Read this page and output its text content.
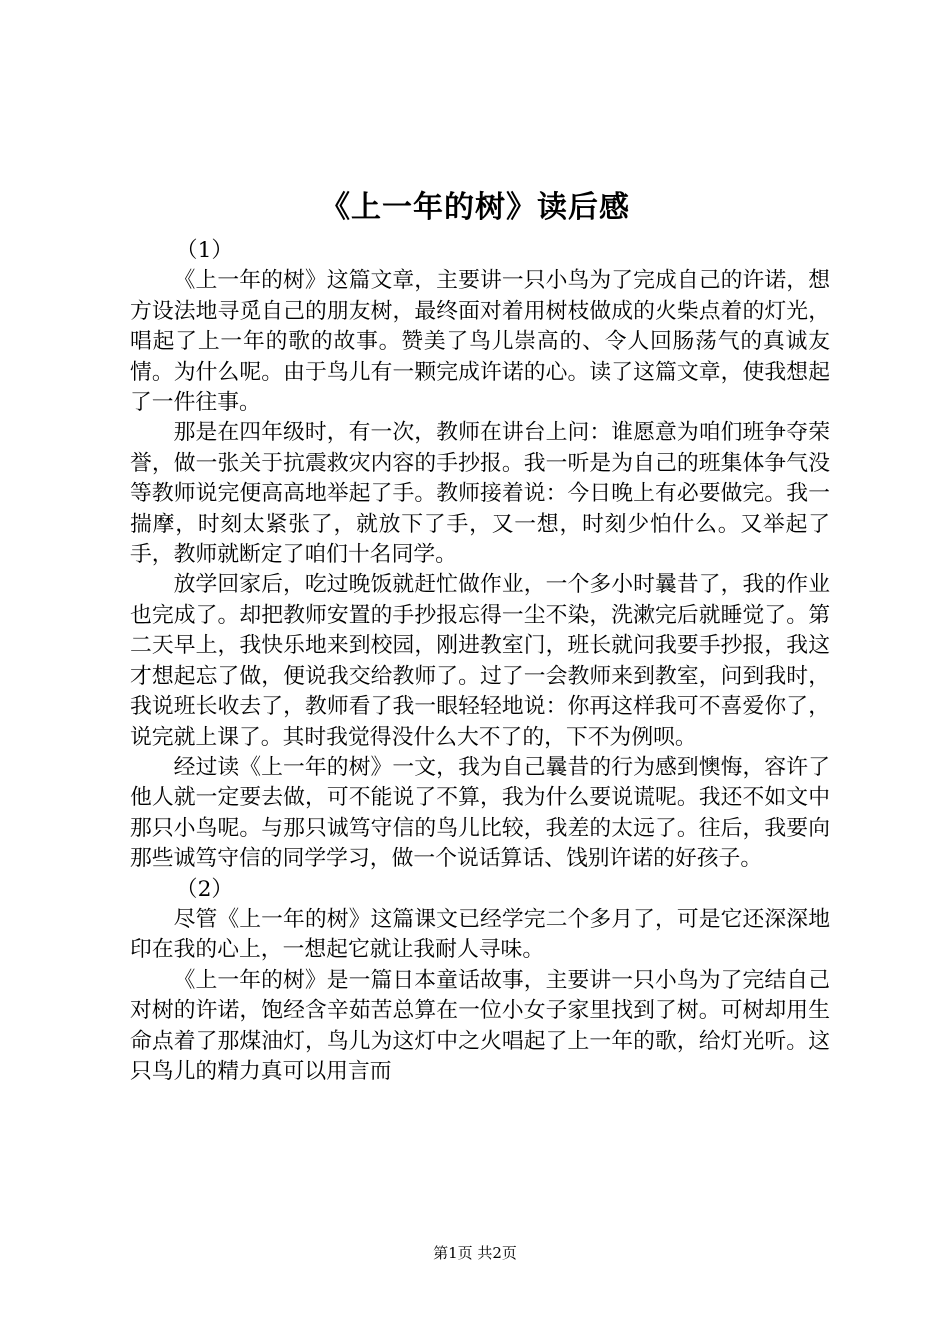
《上一年的树》读后感

（1）

《上一年的树》这篇文章，主要讲一只小鸟为了完成自己的许诺，想方设法地寻觅自己的朋友树，最终面对着用树枝做成的火柴点着的灯光，唱起了上一年的歌的故事。赞美了鸟儿崇高的、令人回肠荡气的真诚友情。为什么呢。由于鸟儿有一颗完成许诺的心。读了这篇文章，使我想起了一件往事。

那是在四年级时，有一次，教师在讲台上问：谁愿意为咱们班争夺荣誉，做一张关于抗震救灾内容的手抄报。我一听是为自己的班集体争气没等教师说完便高高地举起了手。教师接着说：今日晚上有必要做完。我一揣摩，时刻太紧张了，就放下了手，又一想，时刻少怕什么。又举起了手，教师就断定了咱们十名同学。

放学回家后，吃过晚饭就赶忙做作业，一个多小时曩昔了，我的作业也完成了。却把教师安置的手抄报忘得一尘不染，洗漱完后就睡觉了。第二天早上，我快乐地来到校园，刚进教室门，班长就问我要手抄报，我这才想起忘了做，便说我交给教师了。过了一会教师来到教室，问到我时，我说班长收去了，教师看了我一眼轻轻地说：你再这样我可不喜爱你了，说完就上课了。其时我觉得没什么大不了的，下不为例呗。

经过读《上一年的树》一文，我为自己曩昔的行为感到懊悔，容许了他人就一定要去做，可不能说了不算，我为什么要说谎呢。我还不如文中那只小鸟呢。与那只诚笃守信的鸟儿比较，我差的太远了。往后，我要向那些诚笃守信的同学学习，做一个说话算话、饯别许诺的好孩子。

（2）

尽管《上一年的树》这篇课文已经学完二个多月了，可是它还深深地印在我的心上，一想起它就让我耐人寻味。

《上一年的树》是一篇日本童话故事，主要讲一只小鸟为了完结自己对树的许诺，饱经含辛茹苦总算在一位小女子家里找到了树。可树却用生命点着了那煤油灯，鸟儿为这灯中之火唱起了上一年的歌，给灯光听。这只鸟儿的精力真可以用言而

第1页 共2页
